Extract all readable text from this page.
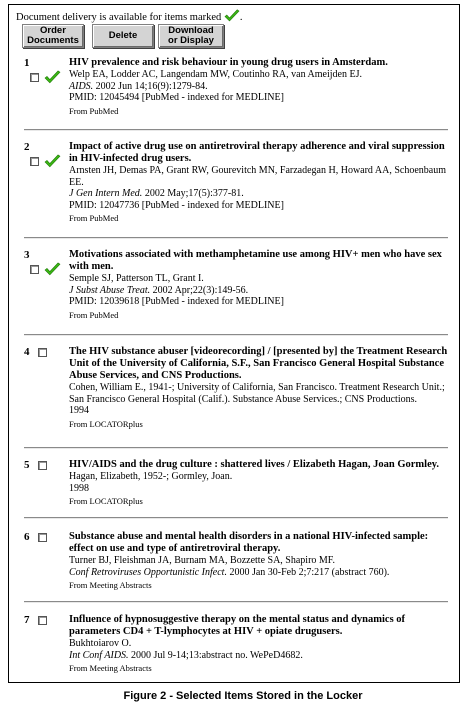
Document delivery is available for items marked .
Order
Documents	Delete	Download
or Display
1	HIV prevalence and risk behaviour in young drug users in Amsterdam.
Welp EA, Lodder AC, Langendam MW, Coutinho RA, van Ameijden EJ.
AIDS. 2002 Jun 14;16(9):1279-84.
PMID: 12045494 [PubMed - indexed for MEDLINE]
From PubMed
2	Impact of active drug use on antiretroviral therapy adherence and viral suppression in HIV-infected drug users.
Arnsten JH, Demas PA, Grant RW, Gourevitch MN, Farzadegan H, Howard AA, Schoenbaum EE.
J Gen Intern Med. 2002 May;17(5):377-81.
PMID: 12047736 [PubMed - indexed for MEDLINE]
From PubMed
3	Motivations associated with methamphetamine use among HIV+ men who have sex with men.
Semple SJ, Patterson TL, Grant I.
J Subst Abuse Treat. 2002 Apr;22(3):149-56.
PMID: 12039618 [PubMed - indexed for MEDLINE]
From PubMed
4	The HIV substance abuser [videorecording] / [presented by] the Treatment Research Unit of the University of California, S.F., San Francisco General Hospital Substance Abuse Services, and CNS Productions.
Cohen, William E., 1941-; University of California, San Francisco. Treatment Research Unit.; San Francisco General Hospital (Calif.). Substance Abuse Services.; CNS Productions.
1994
From LOCATORplus
5	HIV/AIDS and the drug culture : shattered lives / Elizabeth Hagan, Joan Gormley.
Hagan, Elizabeth, 1952-; Gormley, Joan.
1998
From LOCATORplus
6	Substance abuse and mental health disorders in a national HIV-infected sample: effect on use and type of antiretroviral therapy.
Turner BJ, Fleishman JA, Burnam MA, Bozzette SA, Shapiro MF.
Conf Retroviruses Opportunistic Infect. 2000 Jan 30-Feb 2;7:217 (abstract 760).
From Meeting Abstracts
7	Influence of hypnosuggestive therapy on the mental status and dynamics of parameters CD4 + T-lymphocytes at HIV + opiate drugusers.
Bukhtoiarov O.
Int Conf AIDS. 2000 Jul 9-14;13:abstract no. WePeD4682.
From Meeting Abstracts
Figure 2 - Selected Items Stored in the Locker
